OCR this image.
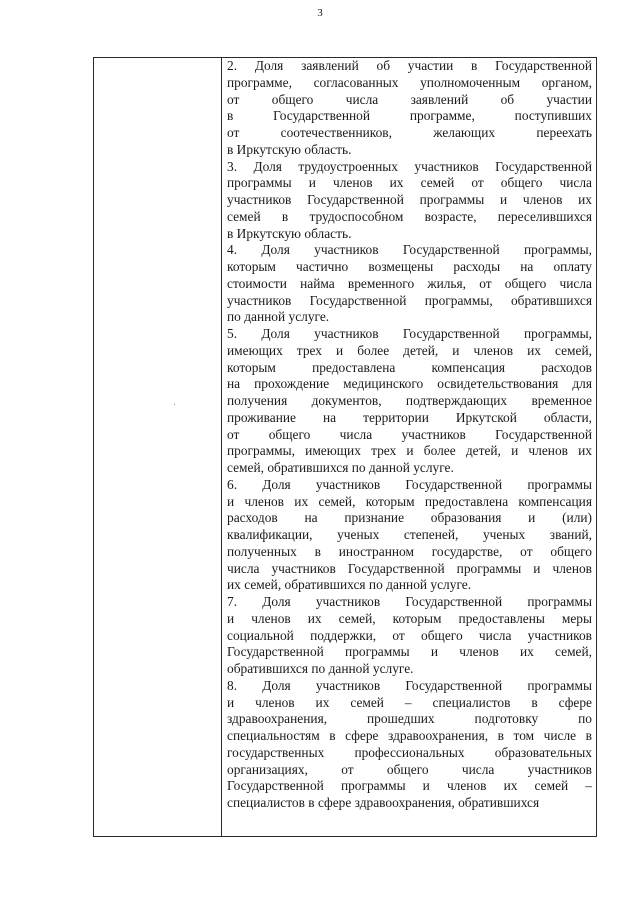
3
2. Доля заявлений об участии в Государственной
программе, согласованных уполномоченным органом,
от общего числа заявлений об участии
в Государственной программе, поступивших
от соотечественников, желающих переехать
в Иркутскую область.
3. Доля трудоустроенных участников Государственной
программы и членов их семей от общего числа
участников Государственной программы и членов их
семей в трудоспособном возрасте, переселившихся
в Иркутскую область.
4. Доля участников Государственной программы,
которым частично возмещены расходы на оплату
стоимости найма временного жилья, от общего числа
участников Государственной программы, обратившихся
по данной услуге.
5. Доля участников Государственной программы,
имеющих трех и более детей, и членов их семей,
которым предоставлена компенсация расходов
на прохождение медицинского освидетельствования для
получения документов, подтверждающих временное
проживание на территории Иркутской области,
от общего числа участников Государственной
программы, имеющих трех и более детей, и членов их
семей, обратившихся по данной услуге.
6. Доля участников Государственной программы
и членов их семей, которым предоставлена компенсация
расходов на признание образования и (или)
квалификации, ученых степеней, ученых званий,
полученных в иностранном государстве, от общего
числа участников Государственной программы и членов
их семей, обратившихся по данной услуге.
7. Доля участников Государственной программы
и членов их семей, которым предоставлены меры
социальной поддержки, от общего числа участников
Государственной программы и членов их семей,
обратившихся по данной услуге.
8. Доля участников Государственной программы
и членов их семей – специалистов в сфере
здравоохранения, прошедших подготовку по
специальностям в сфере здравоохранения, в том числе в
государственных профессиональных образовательных
организациях, от общего числа участников
Государственной программы и членов их семей –
специалистов в сфере здравоохранения, обратившихся
